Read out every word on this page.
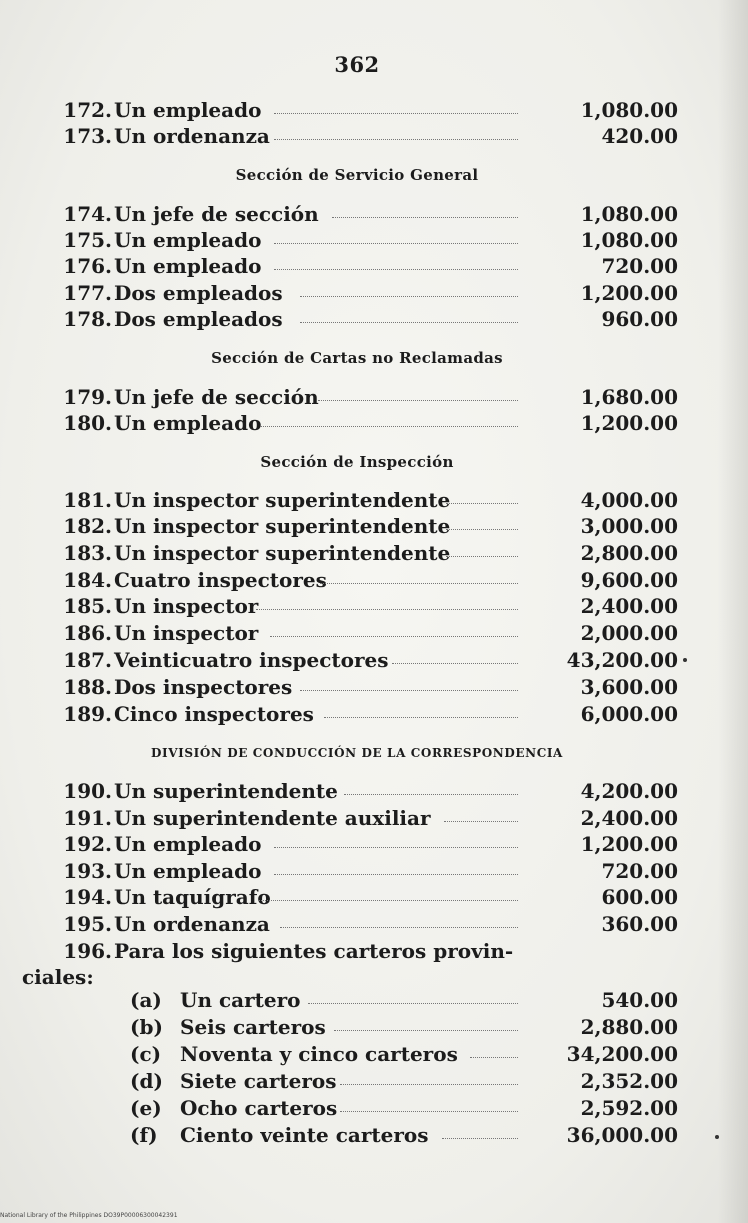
362
172. Un empleado	1,080.00
173. Un ordenanza	420.00
Sección de Servicio General
174. Un jefe de sección	1,080.00
175. Un empleado	1,080.00
176. Un empleado	720.00
177. Dos empleados	1,200.00
178. Dos empleados	960.00
Sección de Cartas no Reclamadas
179. Un jefe de sección	1,680.00
180. Un empleado	1,200.00
Sección de Inspección
181. Un inspector superintendente	4,000.00
182. Un inspector superintendente	3,000.00
183. Un inspector superintendente	2,800.00
184. Cuatro inspectores	9,600.00
185. Un inspector	2,400.00
186. Un inspector	2,000.00
187. Veinticuatro inspectores	43,200.00
188. Dos inspectores	3,600.00
189. Cinco inspectores	6,000.00
DIVISIÓN DE CONDUCCIÓN DE LA CORRESPONDENCIA
190. Un superintendente	4,200.00
191. Un superintendente auxiliar	2,400.00
192. Un empleado	1,200.00
193. Un empleado	720.00
194. Un taquígrafo	600.00
195. Un ordenanza	360.00
196. Para los siguientes carteros provin-
ciales:
(a) Un cartero	540.00
(b) Seis carteros	2,880.00
(c) Noventa y cinco carteros	34,200.00
(d) Siete carteros	2,352.00
(e) Ocho carteros	2,592.00
(f) Ciento veinte carteros	36,000.00
National Library of the Philippines DO39P00006300042391
